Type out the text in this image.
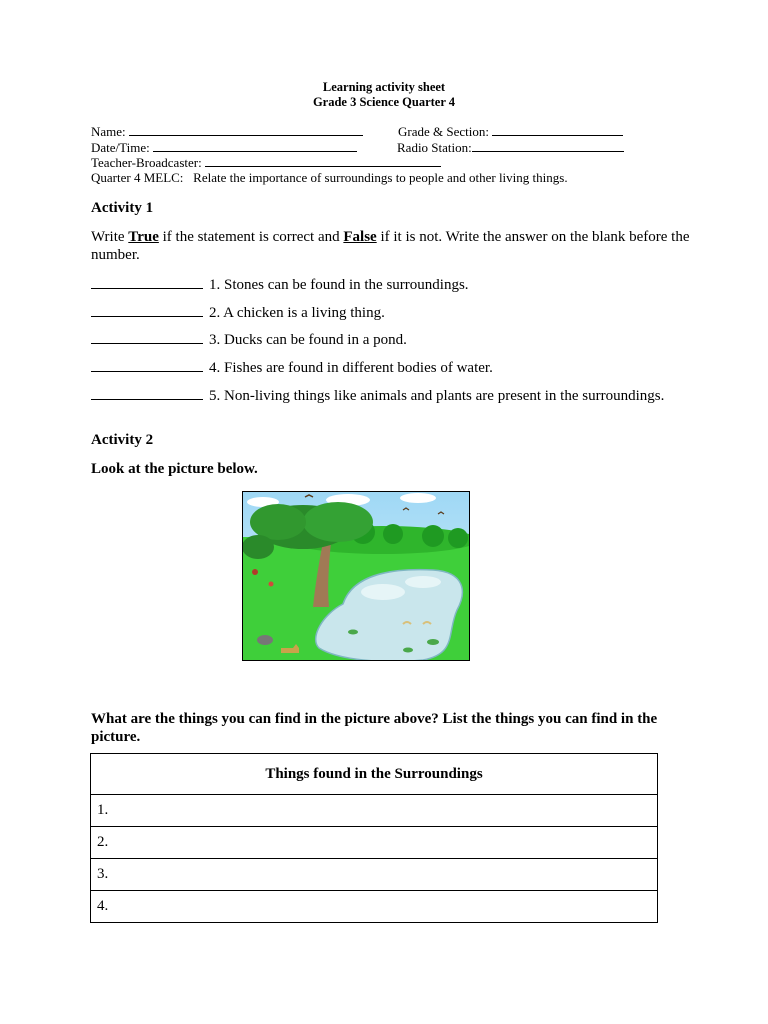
Learning activity sheet
Grade 3 Science Quarter 4
Name:	Grade & Section:
Date/Time:	Radio Station:
Teacher-Broadcaster:
Quarter 4 MELC:   Relate the importance of surroundings to people and other living things.
Activity 1
Write True if the statement is correct and False if it is not. Write the answer on the blank before the number.
1. Stones can be found in the surroundings.
2. A chicken is a living thing.
3. Ducks can be found in a pond.
4. Fishes are found in different bodies of water.
5. Non-living things like animals and plants are present in the surroundings.
Activity 2
Look at the picture below.
What are the things you can find in the picture above? List the things you can find in the picture.
Things found in the Surroundings
1.
2.
3.
4.
